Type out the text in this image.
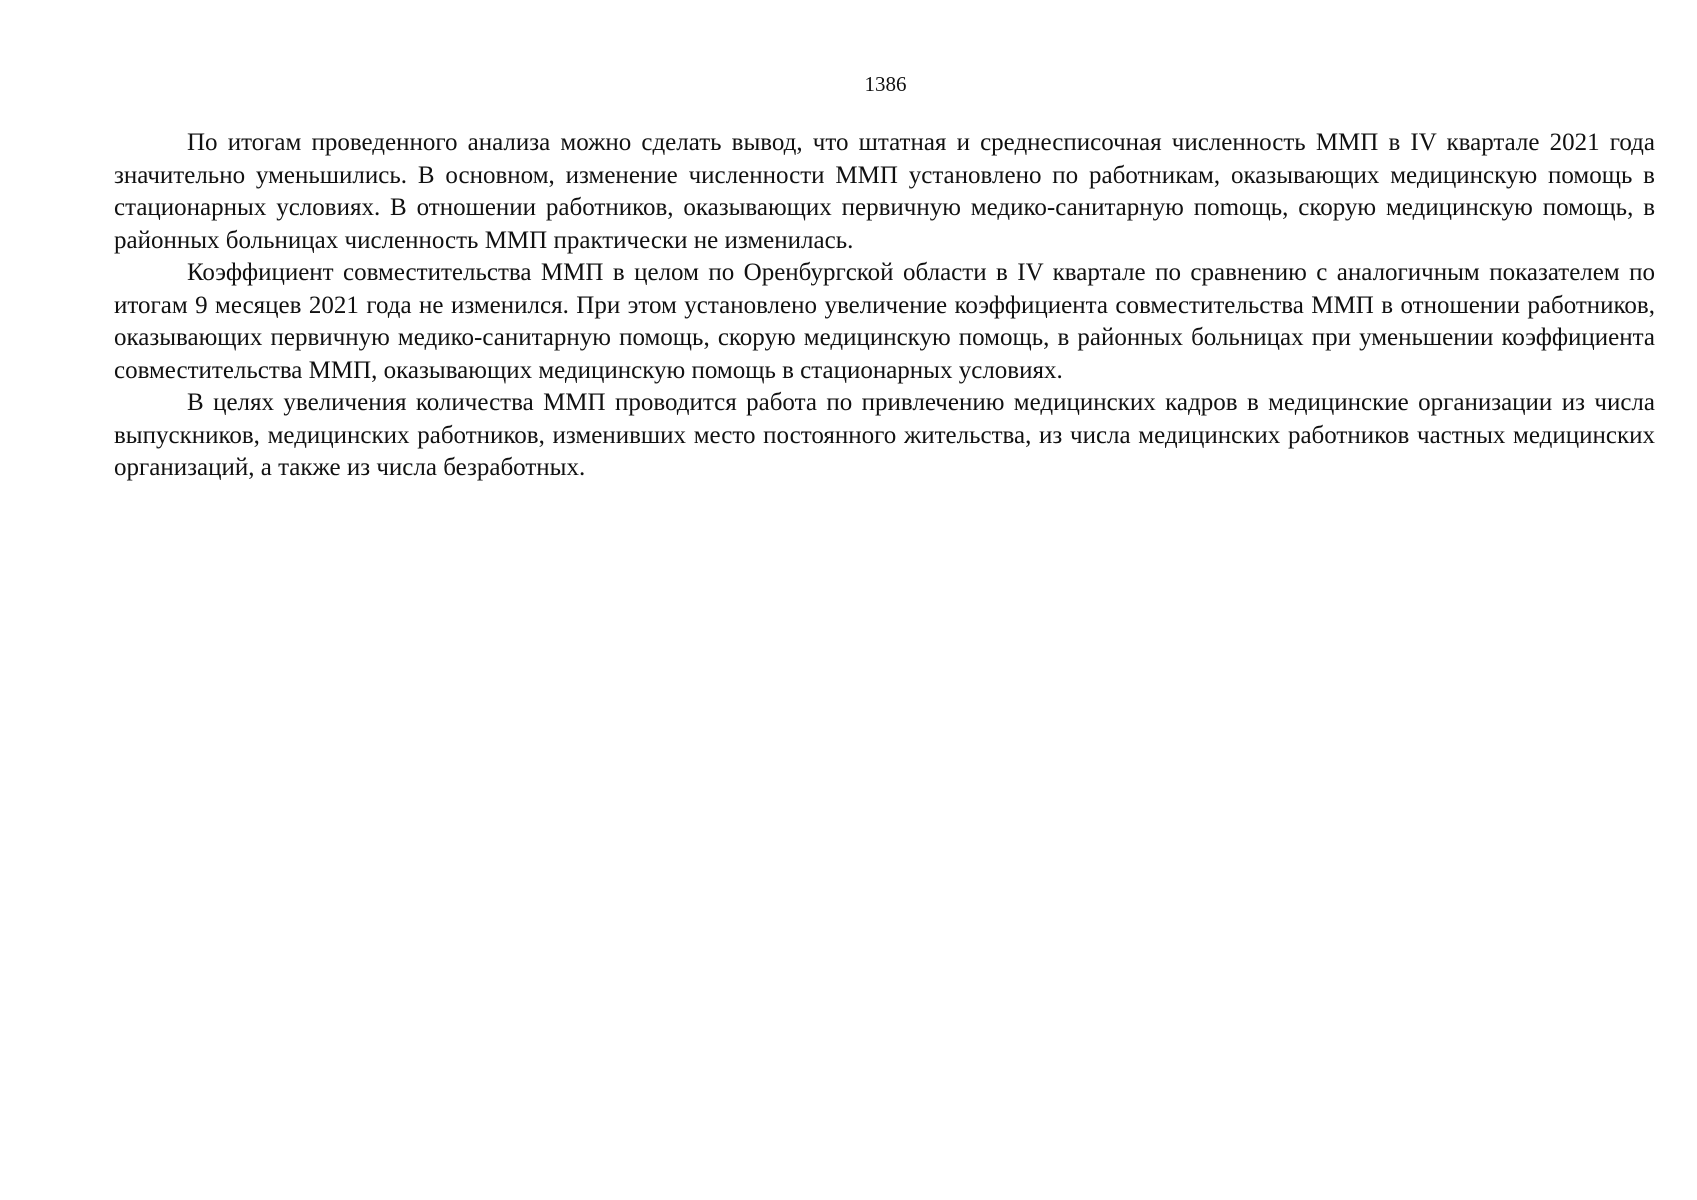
1386

По итогам проведенного анализа можно сделать вывод, что штатная и среднесписочная численность ММП в IV квартале 2021 года значительно уменьшились. В основном, изменение численности ММП установлено по работникам, оказывающих медицинскую помощь в стационарных условиях. В отношении работников, оказывающих первичную медико-санитарную поmощь, скорую медицинскую помощь, в районных больницах численность ММП практически не изменилась.

Коэффициент совместительства ММП в целом по Оренбургской области в IV квартале по сравнению с аналогичным показателем по итогам 9 месяцев 2021 года не изменился. При этом установлено увеличение коэффициента совместительства ММП в отношении работников, оказывающих первичную медико-санитарную помощь, скорую медицинскую помощь, в районных больницах при уменьшении коэффициента совместительства ММП, оказывающих медицинскую помощь в стационарных условиях.

В целях увеличения количества ММП проводится работа по привлечению медицинских кадров в медицинские организации из числа выпускников, медицинских работников, изменивших место постоянного жительства, из числа медицинских работников частных медицинских организаций, а также из числа безработных.
